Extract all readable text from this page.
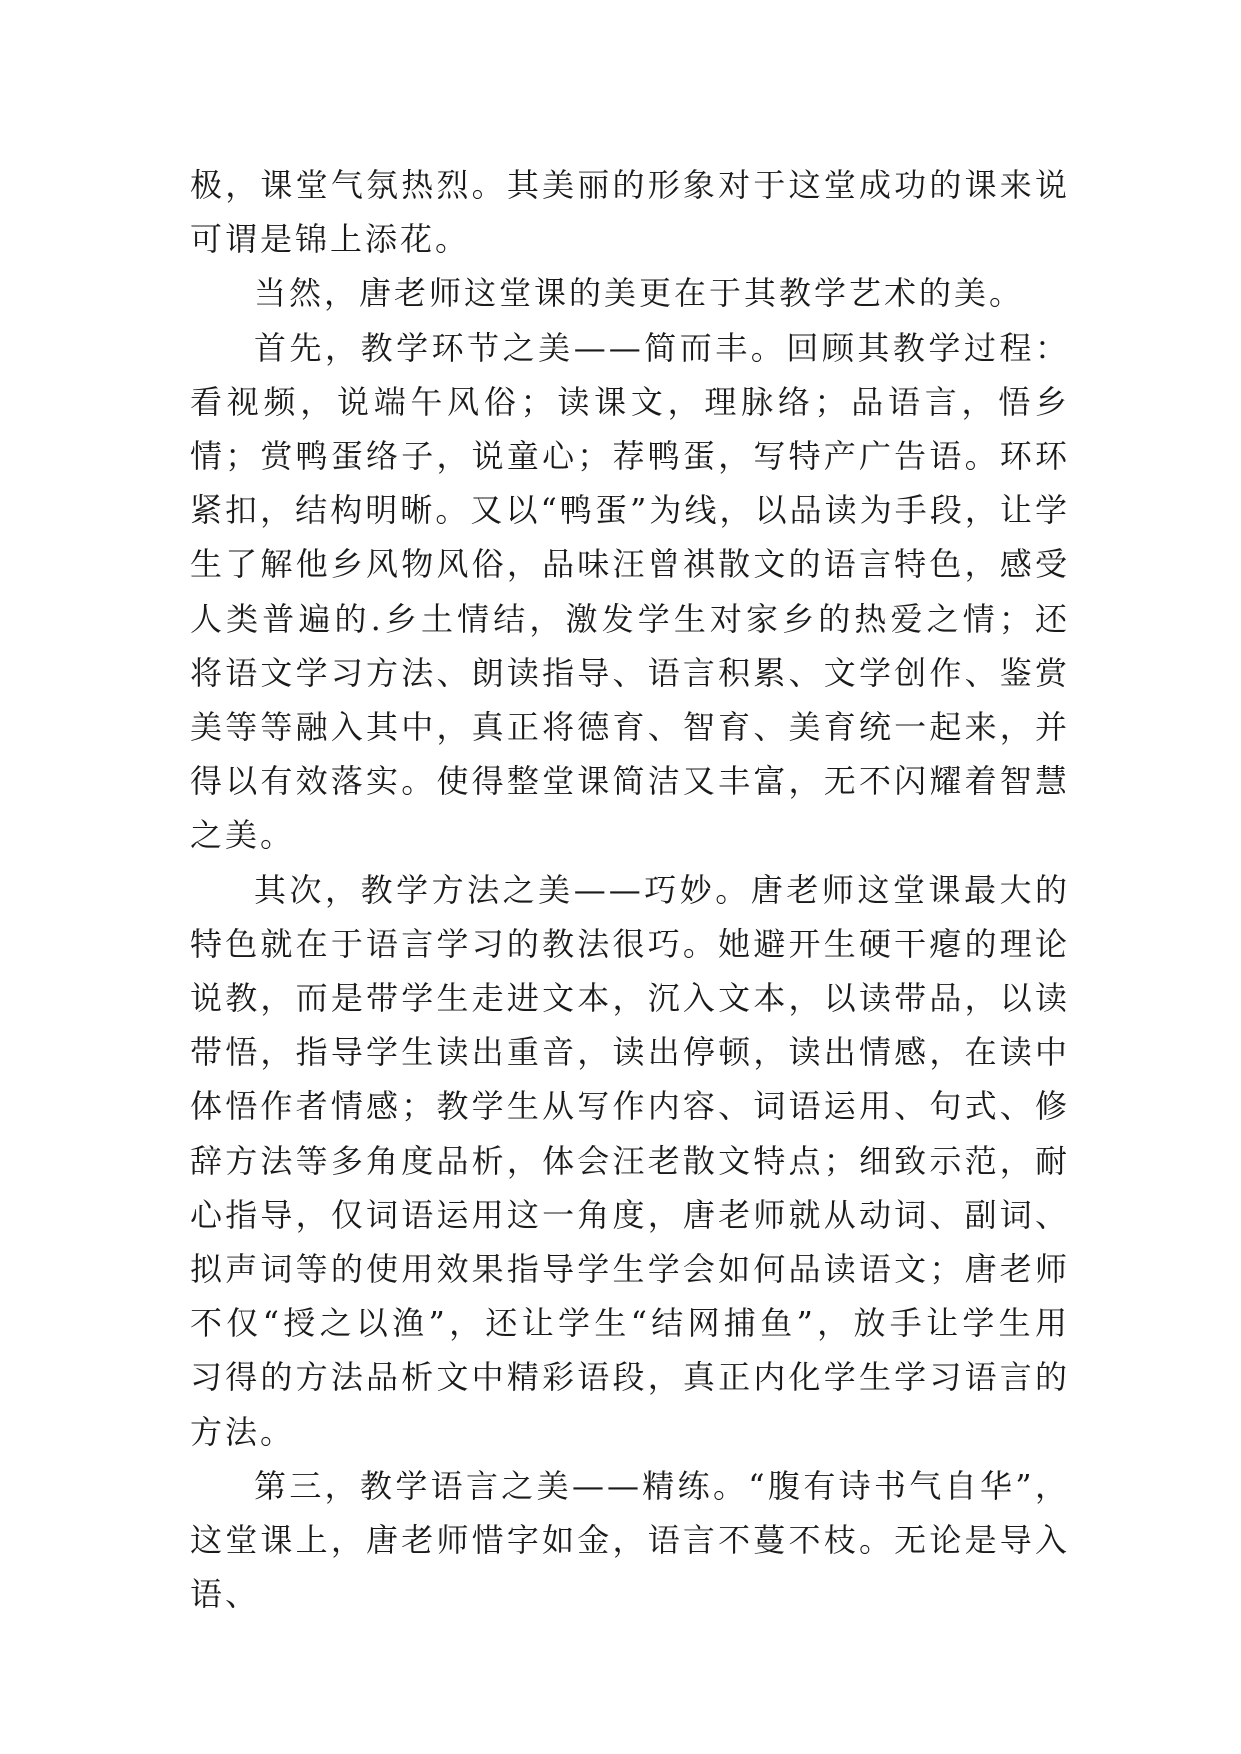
极，课堂气氛热烈。其美丽的形象对于这堂成功的课来说可谓是锦上添花。

当然，唐老师这堂课的美更在于其教学艺术的美。

首先，教学环节之美——简而丰。回顾其教学过程：看视频，说端午风俗；读课文，理脉络；品语言，悟乡情；赏鸭蛋络子，说童心；荐鸭蛋，写特产广告语。环环紧扣，结构明晰。又以“鸭蛋”为线，以品读为手段，让学生了解他乡风物风俗，品味汪曾祺散文的语言特色，感受人类普遍的.乡土情结，激发学生对家乡的热爱之情；还将语文学习方法、朗读指导、语言积累、文学创作、鉴赏美等等融入其中，真正将德育、智育、美育统一起来，并得以有效落实。使得整堂课简洁又丰富，无不闪耀着智慧之美。

其次，教学方法之美——巧妙。唐老师这堂课最大的特色就在于语言学习的教法很巧。她避开生硬干瘪的理论说教，而是带学生走进文本，沉入文本，以读带品，以读带悟，指导学生读出重音，读出停顿，读出情感，在读中体悟作者情感；教学生从写作内容、词语运用、句式、修辞方法等多角度品析，体会汪老散文特点；细致示范，耐心指导，仅词语运用这一角度，唐老师就从动词、副词、拟声词等的使用效果指导学生学会如何品读语文；唐老师不仅“授之以渔”，还让学生“结网捕鱼”，放手让学生用习得的方法品析文中精彩语段，真正内化学生学习语言的方法。

第三，教学语言之美——精练。“腹有诗书气自华”，这堂课上，唐老师惜字如金，语言不蔓不枝。无论是导入语、
